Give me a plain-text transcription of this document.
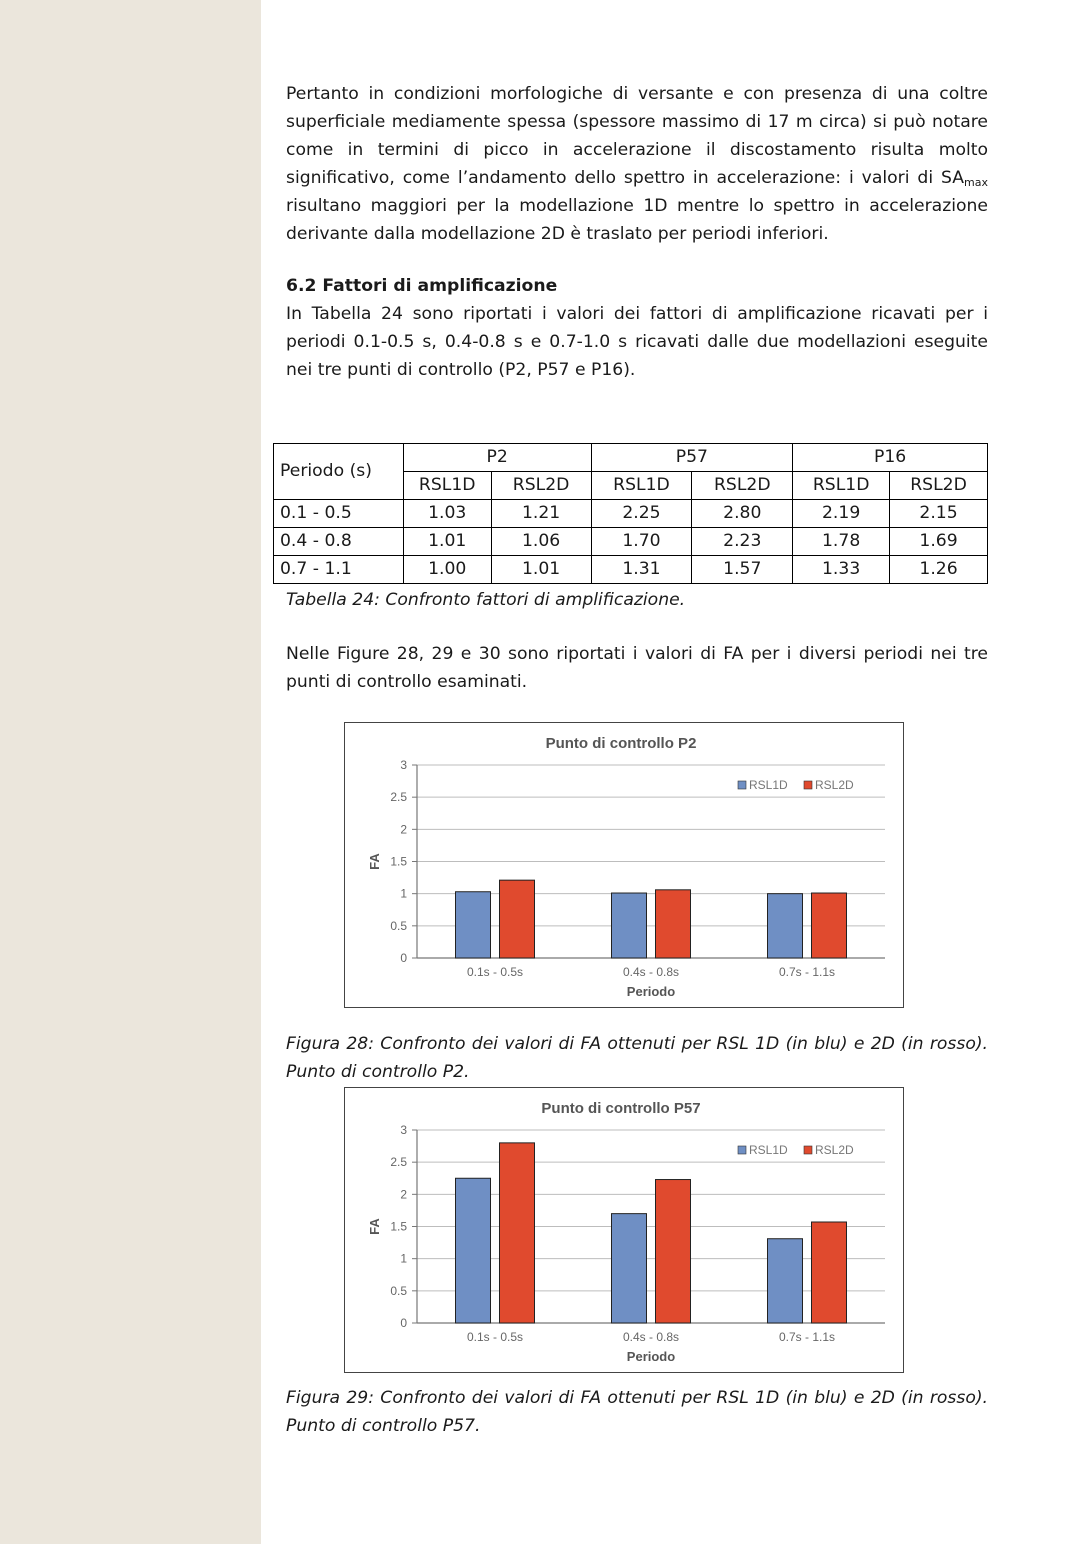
Pertanto in condizioni morfologiche di versante e con presenza di una coltre superficiale mediamente spessa (spessore massimo di 17 m circa) si può notare come in termini di picco in accelerazione il discostamento risulta molto significativo, come l’andamento dello spettro in accelerazione: i valori di $SA_{max}$ risultano maggiori per la modellazione 1D mentre lo spettro in accelerazione derivante dalla modellazione 2D è traslato per periodi inferiori.

6.2 Fattori di amplificazione

In Tabella 24 sono riportati i valori dei fattori di amplificazione ricavati per i periodi 0.1-0.5 s, 0.4-0.8 s e 0.7-1.0 s ricavati dalle due modellazioni eseguite nei tre punti di controllo (P2, P57 e P16).

Periodo (s)	P2		P57		P16	
	RSL1D	RSL2D	RSL1D	RSL2D	RSL1D	RSL2D
0.1 - 0.5	1.03	1.21	2.25	2.80	2.19	2.15
0.4 - 0.8	1.01	1.06	1.70	2.23	1.78	1.69
0.7 - 1.1	1.00	1.01	1.31	1.57	1.33	1.26

Tabella 24: Confronto fattori di amplificazione.

Nelle Figure 28, 29 e 30 sono riportati i valori di FA per i diversi periodi nei tre punti di controllo esaminati.

Punto di controllo P2
0
0.5
1
1.5
2
2.5
3
FA
0.1s - 0.5s	0.4s - 0.8s	0.7s - 1.1s
Periodo
RSL1D RSL2D

Figura 28: Confronto dei valori di FA ottenuti per RSL 1D (in blu) e 2D (in rosso). Punto di controllo P2.

Punto di controllo P57
0
0.5
1
1.5
2
2.5
3
FA
0.1s - 0.5s	0.4s - 0.8s	0.7s - 1.1s
Periodo
RSL1D RSL2D

Figura 29: Confronto dei valori di FA ottenuti per RSL 1D (in blu) e 2D (in rosso). Punto di controllo P57.
